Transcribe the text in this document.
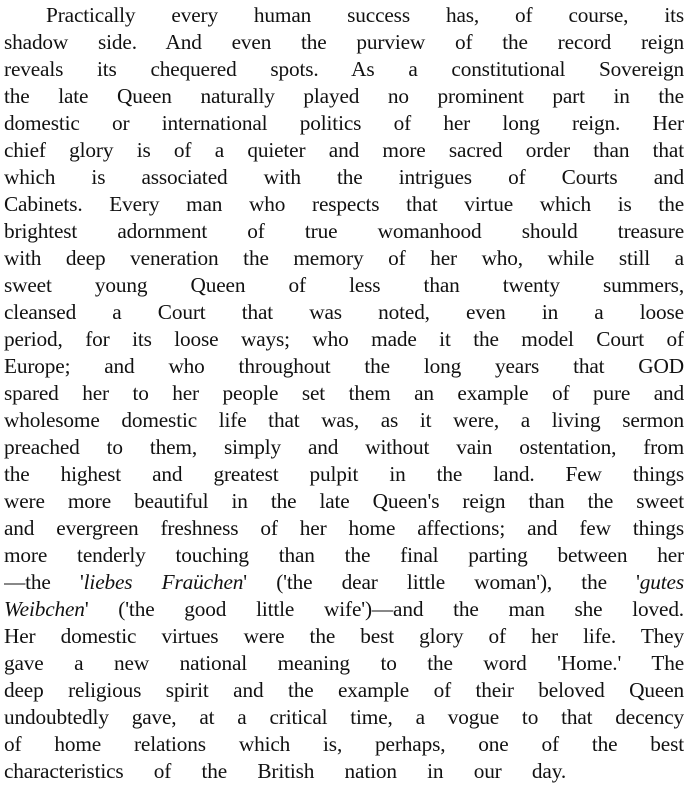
Practically every human success has, of course, its
shadow side. And even the purview of the record reign
reveals its chequered spots. As a constitutional Sovereign
the late Queen naturally played no prominent part in the
domestic or international politics of her long reign. Her
chief glory is of a quieter and more sacred order than that
which is associated with the intrigues of Courts and
Cabinets. Every man who respects that virtue which is the
brightest adornment of true womanhood should treasure
with deep veneration the memory of her who, while still a
sweet young Queen of less than twenty summers,
cleansed a Court that was noted, even in a loose
period, for its loose ways; who made it the model Court of
Europe; and who throughout the long years that GOD
spared her to her people set them an example of pure and
wholesome domestic life that was, as it were, a living sermon
preached to them, simply and without vain ostentation, from
the highest and greatest pulpit in the land. Few things
were more beautiful in the late Queen's reign than the sweet
and evergreen freshness of her home affections; and few things
more tenderly touching than the final parting between her
—the 'liebes Fraüchen' ('the dear little woman'), the 'gutes
Weibchen' ('the good little wife')—and the man she loved.
Her domestic virtues were the best glory of her life. They
gave a new national meaning to the word 'Home.' The
deep religious spirit and the example of their beloved Queen
undoubtedly gave, at a critical time, a vogue to that decency
of home relations which is, perhaps, one of the best
characteristics of the British nation in our day.
